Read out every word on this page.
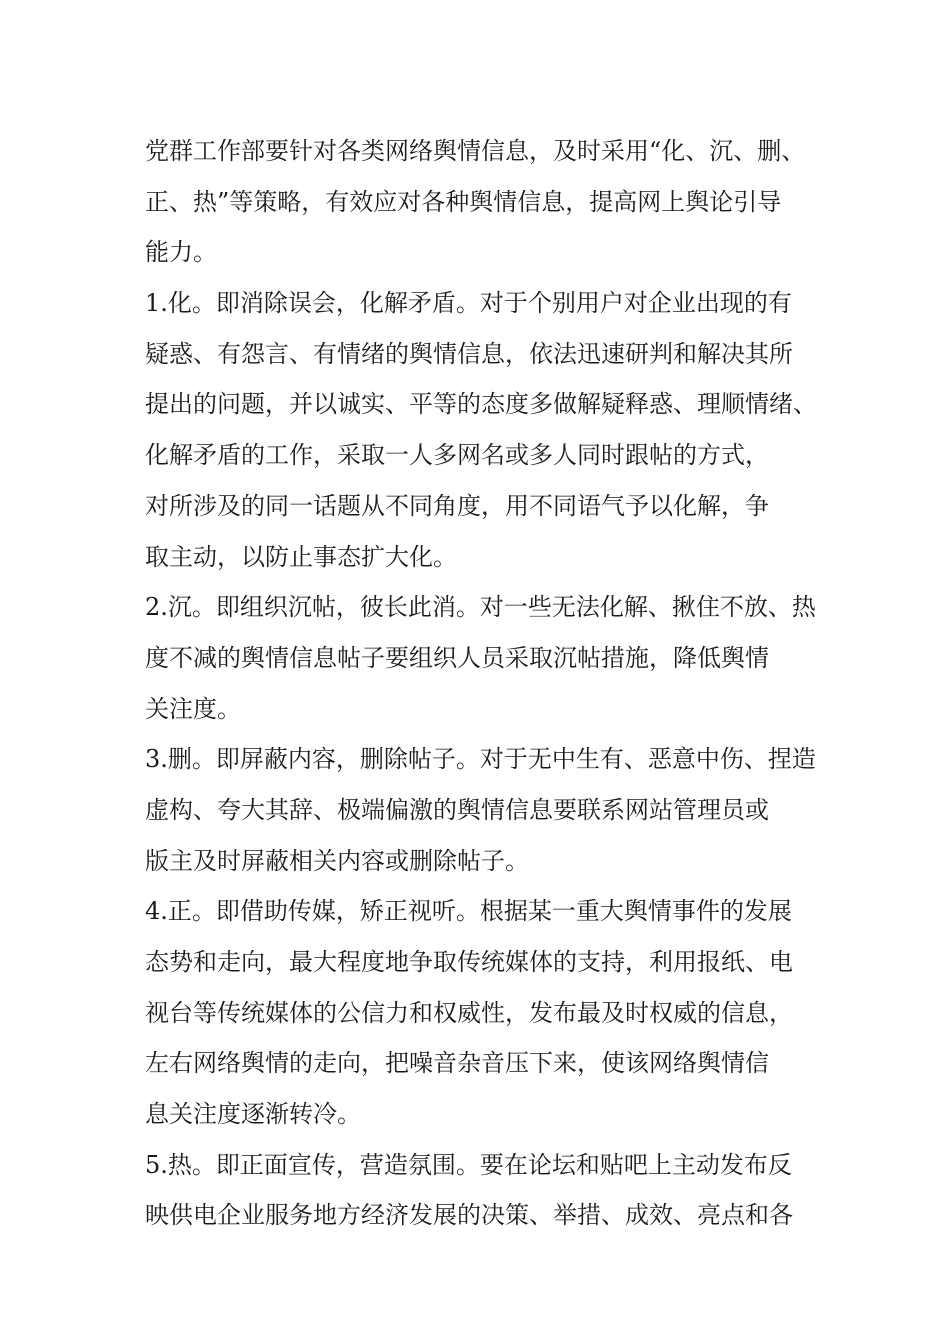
党群工作部要针对各类网络舆情信息，及时采用“化、沉、删、
正、热”等策略，有效应对各种舆情信息，提高网上舆论引导
能力。
1.化。即消除误会，化解矛盾。对于个别用户对企业出现的有
疑惑、有怨言、有情绪的舆情信息，依法迅速研判和解决其所
提出的问题，并以诚实、平等的态度多做解疑释惑、理顺情绪、
化解矛盾的工作，采取一人多网名或多人同时跟帖的方式，
对所涉及的同一话题从不同角度，用不同语气予以化解，争
取主动，以防止事态扩大化。
2.沉。即组织沉帖，彼长此消。对一些无法化解、揪住不放、热
度不减的舆情信息帖子要组织人员采取沉帖措施，降低舆情
关注度。
3.删。即屏蔽内容，删除帖子。对于无中生有、恶意中伤、捏造
虚构、夸大其辞、极端偏激的舆情信息要联系网站管理员或
版主及时屏蔽相关内容或删除帖子。
4.正。即借助传媒，矫正视听。根据某一重大舆情事件的发展
态势和走向，最大程度地争取传统媒体的支持，利用报纸、电
视台等传统媒体的公信力和权威性，发布最及时权威的信息，
左右网络舆情的走向，把噪音杂音压下来，使该网络舆情信
息关注度逐渐转冷。
5.热。即正面宣传，营造氛围。要在论坛和贴吧上主动发布反
映供电企业服务地方经济发展的决策、举措、成效、亮点和各
